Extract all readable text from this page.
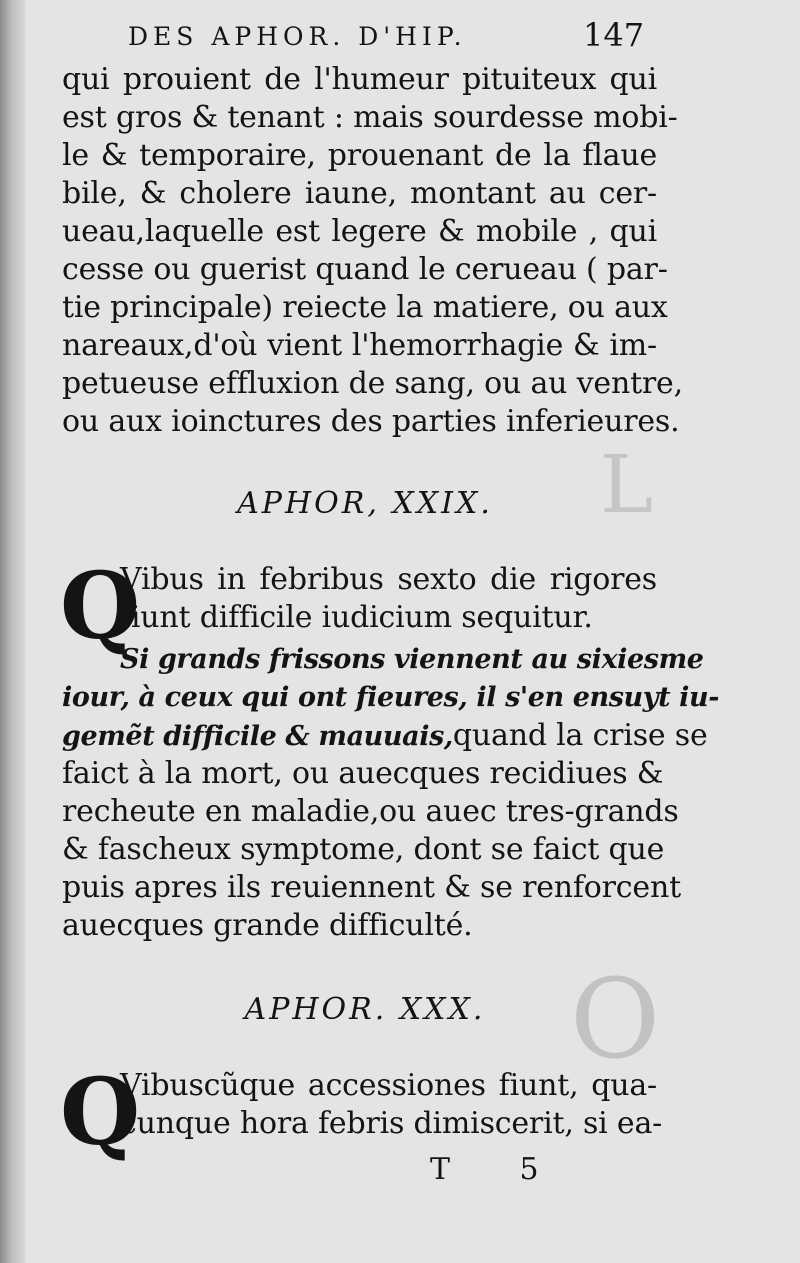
L
O
DES APHOR. D'HIP.	147
qui prouient de l'humeur pituiteux qui
est gros & tenant : mais sourdesse mobi-
le & temporaire, prouenant de la flaue
bile, & cholere iaune, montant au cer-
ueau,laquelle est legere & mobile , qui
cesse ou guerist quand le cerueau ( par-
tie principale) reiecte la matiere, ou aux
nareaux,d'où vient l'hemorrhagie & im-
petueuse effluxion de sang, ou au ventre,
ou aux ioinctures des parties inferieures.
APHOR, XXIX.
Q
Vibus in febribus sexto die rigores
fiunt difficile iudicium sequitur.
Si grands frissons viennent au sixiesme
iour, à ceux qui ont fieures, il s'en ensuyt iu-
gemẽt difficile & mauuais,quand la crise se
faict à la mort, ou auecques recidiues &
recheute en maladie,ou auec tres-grands
& fascheux symptome, dont se faict que
puis apres ils reuiennent & se renforcent
auecques grande difficulté.
APHOR. XXX.
Q
Vibuscũque accessiones fiunt, qua-
cunque hora febris dimiscerit, si ea-
T 5
